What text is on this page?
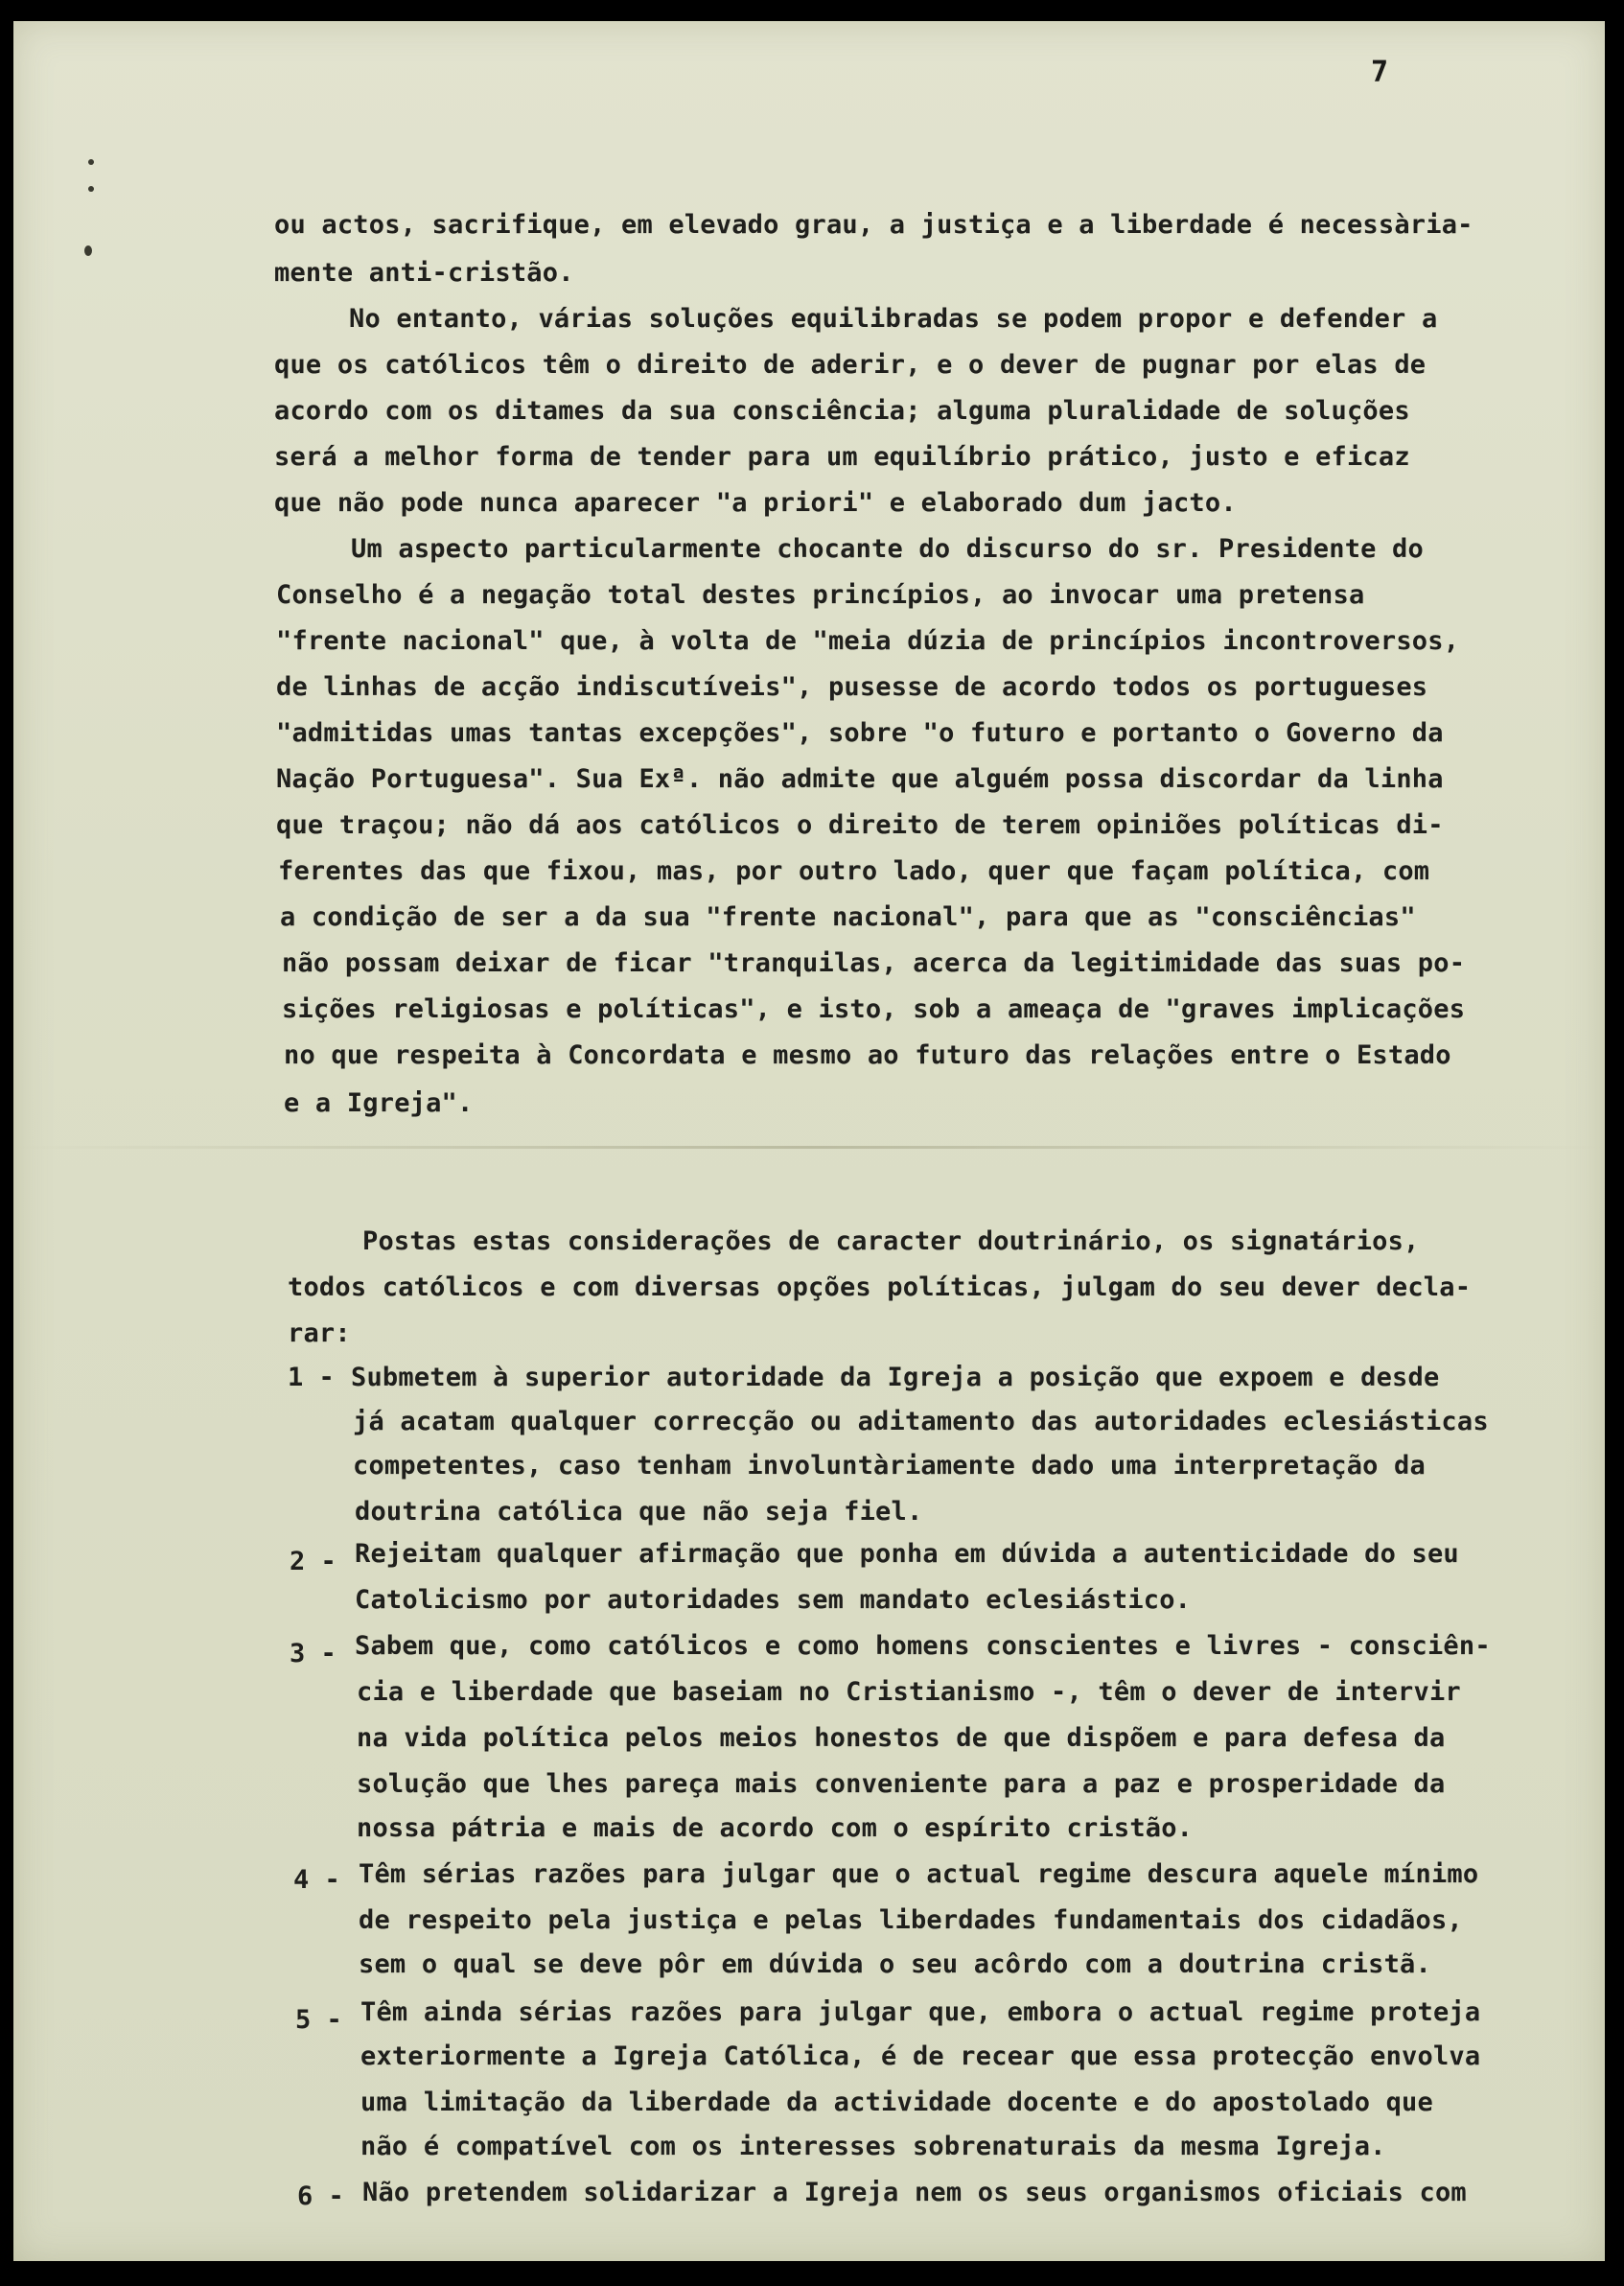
7
ou actos, sacrifique, em elevado grau, a justiça e a liberdade é necessària-
mente anti-cristão.
No entanto, várias soluções equilibradas se podem propor e defender a
que os católicos têm o direito de aderir, e o dever de pugnar por elas de
acordo com os ditames da sua consciência; alguma pluralidade de soluções
será a melhor forma de tender para um equilíbrio prático, justo e eficaz
que não pode nunca aparecer "a priori" e elaborado dum jacto.
Um aspecto particularmente chocante do discurso do sr. Presidente do
Conselho é a negação total destes princípios, ao invocar uma pretensa
"frente nacional" que, à volta de "meia dúzia de princípios incontroversos,
de linhas de acção indiscutíveis", pusesse de acordo todos os portugueses
"admitidas umas tantas excepções", sobre "o futuro e portanto o Governo da
Nação Portuguesa". Sua Exª. não admite que alguém possa discordar da linha
que traçou; não dá aos católicos o direito de terem opiniões políticas di-
ferentes das que fixou, mas, por outro lado, quer que façam política, com
a condição de ser a da sua "frente nacional", para que as "consciências"
não possam deixar de ficar "tranquilas, acerca da legitimidade das suas po-
sições religiosas e políticas", e isto, sob a ameaça de "graves implicações
no que respeita à Concordata e mesmo ao futuro das relações entre o Estado
e a Igreja".
Postas estas considerações de caracter doutrinário, os signatários,
todos católicos e com diversas opções políticas, julgam do seu dever decla-
rar:
1 - Submetem à superior autoridade da Igreja a posição que expoem e desde
já acatam qualquer correcção ou aditamento das autoridades eclesiásticas
competentes, caso tenham involuntàriamente dado uma interpretação da
doutrina católica que não seja fiel.
2 - Rejeitam qualquer afirmação que ponha em dúvida a autenticidade do seu
Catolicismo por autoridades sem mandato eclesiástico.
3 - Sabem que, como católicos e como homens conscientes e livres - consciên-
cia e liberdade que baseiam no Cristianismo -, têm o dever de intervir
na vida política pelos meios honestos de que dispõem e para defesa da
solução que lhes pareça mais conveniente para a paz e prosperidade da
nossa pátria e mais de acordo com o espírito cristão.
4 - Têm sérias razões para julgar que o actual regime descura aquele mínimo
de respeito pela justiça e pelas liberdades fundamentais dos cidadãos,
sem o qual se deve pôr em dúvida o seu acôrdo com a doutrina cristã.
5 - Têm ainda sérias razões para julgar que, embora o actual regime proteja
exteriormente a Igreja Católica, é de recear que essa protecção envolva
uma limitação da liberdade da actividade docente e do apostolado que
não é compatível com os interesses sobrenaturais da mesma Igreja.
6 - Não pretendem solidarizar a Igreja nem os seus organismos oficiais com
